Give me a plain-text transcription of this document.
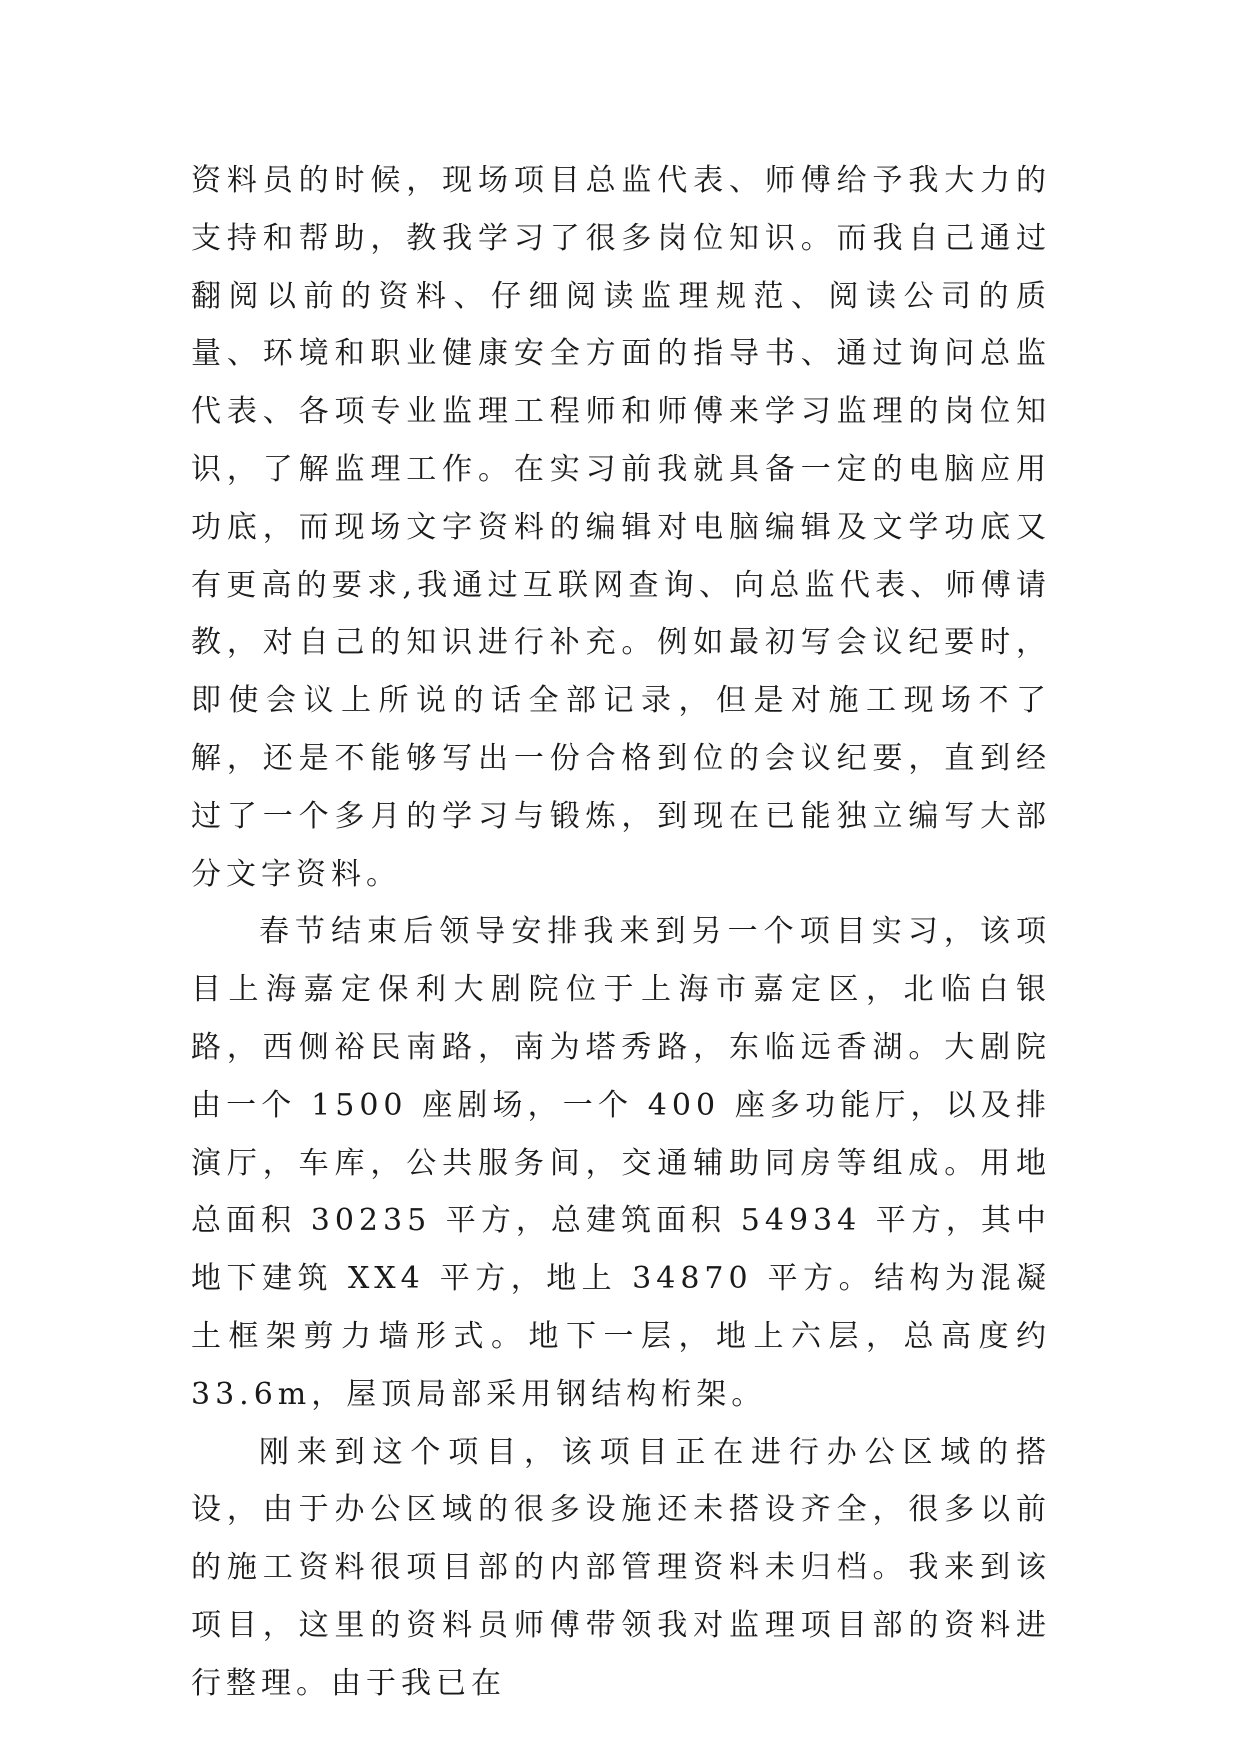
资料员的时候，现场项目总监代表、师傅给予我大力的支持和帮助，教我学习了很多岗位知识。而我自己通过翻阅以前的资料、仔细阅读监理规范、阅读公司的质量、环境和职业健康安全方面的指导书、通过询问总监代表、各项专业监理工程师和师傅来学习监理的岗位知识，了解监理工作。在实习前我就具备一定的电脑应用功底，而现场文字资料的编辑对电脑编辑及文学功底又有更高的要求,我通过互联网查询、向总监代表、师傅请教，对自己的知识进行补充。例如最初写会议纪要时，即使会议上所说的话全部记录，但是对施工现场不了解，还是不能够写出一份合格到位的会议纪要，直到经过了一个多月的学习与锻炼，到现在已能独立编写大部分文字资料。

春节结束后领导安排我来到另一个项目实习，该项目上海嘉定保利大剧院位于上海市嘉定区，北临白银路，西侧裕民南路，南为塔秀路，东临远香湖。大剧院由一个 1500 座剧场，一个 400 座多功能厅，以及排演厅，车库，公共服务间，交通辅助同房等组成。用地总面积 30235 平方，总建筑面积 54934 平方，其中地下建筑 XX4 平方，地上 34870 平方。结构为混凝土框架剪力墙形式。地下一层，地上六层，总高度约 33.6m，屋顶局部采用钢结构桁架。

刚来到这个项目，该项目正在进行办公区域的搭设，由于办公区域的很多设施还未搭设齐全，很多以前的施工资料很项目部的内部管理资料未归档。我来到该项目，这里的资料员师傅带领我对监理项目部的资料进行整理。由于我已在
